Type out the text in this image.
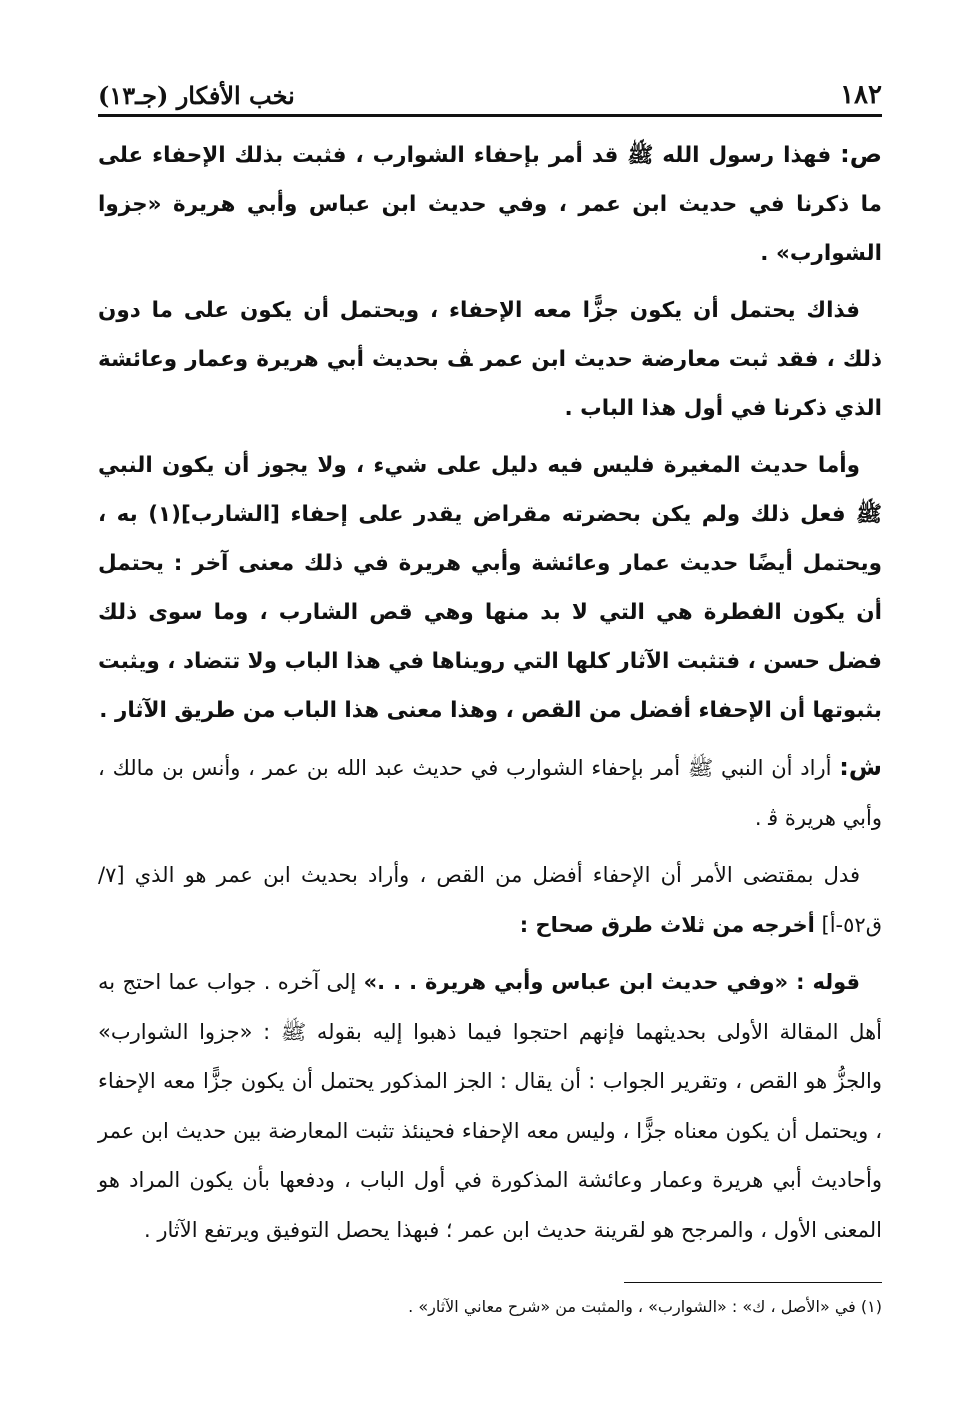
١٨٢
نخب الأفكار (جـ١٣)

ص: فهذا رسول الله ﷺ قد أمر بإحفاء الشوارب ، فثبت بذلك الإحفاء على ما ذكرنا في حديث ابن عمر ، وفي حديث ابن عباس وأبي هريرة «جزوا الشوارب» .

فذاك يحتمل أن يكون جزًّا معه الإحفاء ، ويحتمل أن يكون على ما دون ذلك ، فقد ثبت معارضة حديث ابن عمر ﭫ بحديث أبي هريرة وعمار وعائشة الذي ذكرنا في أول هذا الباب .

وأما حديث المغيرة فليس فيه دليل على شيء ، ولا يجوز أن يكون النبي ﷺ فعل ذلك ولم يكن بحضرته مقراض يقدر على إحفاء [الشارب](١) به ، ويحتمل أيضًا حديث عمار وعائشة وأبي هريرة في ذلك معنى آخر : يحتمل أن يكون الفطرة هي التي لا بد منها وهي قص الشارب ، وما سوى ذلك فضل حسن ، فتثبت الآثار كلها التي رويناها في هذا الباب ولا تتضاد ، ويثبت بثبوتها أن الإحفاء أفضل من القص ، وهذا معنى هذا الباب من طريق الآثار .

ش: أراد أن النبي ﷺ أمر بإحفاء الشوارب في حديث عبد الله بن عمر ، وأنس بن مالك ، وأبي هريرة ﭬ .

فدل بمقتضى الأمر أن الإحفاء أفضل من القص ، وأراد بحديث ابن عمر هو الذي [٧/ ق٥٢-أ] أخرجه من ثلاث طرق صحاح :

قوله : «وفي حديث ابن عباس وأبي هريرة . . .» إلى آخره . جواب عما احتج به أهل المقالة الأولى بحديثهما فإنهم احتجوا فيما ذهبوا إليه بقوله ﷺ : «جزوا الشوارب» والجزُّ هو القص ، وتقرير الجواب : أن يقال : الجز المذكور يحتمل أن يكون جزًّا معه الإحفاء ، ويحتمل أن يكون معناه جزًّا ، وليس معه الإحفاء فحينئذ تثبت المعارضة بين حديث ابن عمر وأحاديث أبي هريرة وعمار وعائشة المذكورة في أول الباب ، ودفعها بأن يكون المراد هو المعنى الأول ، والمرجح هو لقرينة حديث ابن عمر ؛ فبهذا يحصل التوفيق ويرتفع الآثار .

(١) في «الأصل ، ك» : «الشوارب» ، والمثبت من «شرح معاني الآثار» .
